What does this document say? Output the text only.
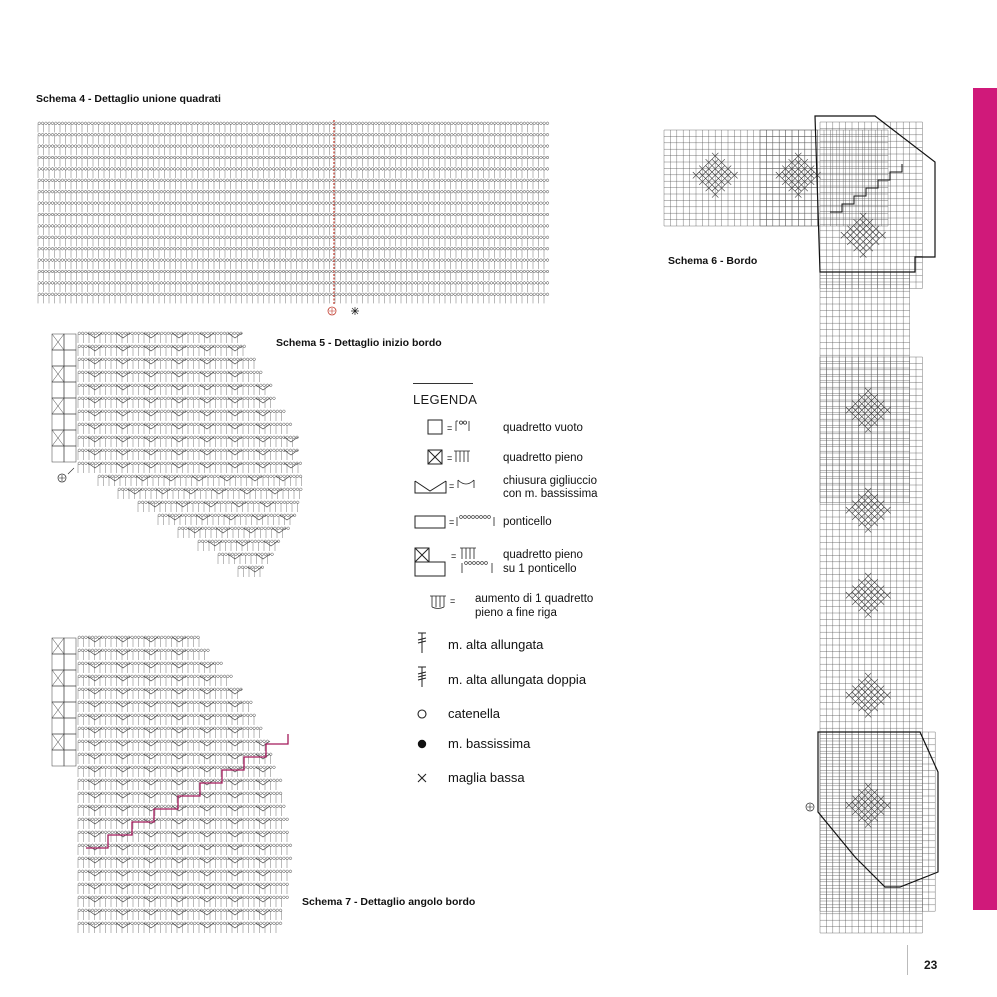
Schema 4 - Dettaglio unione quadrati
Schema 5 - Dettaglio inizio bordo
Schema 6 - Bordo
Schema 7 - Dettaglio angolo bordo
LEGENDA
=
=
=
=
=
=
quadretto vuoto
quadretto pieno
chiusura gigliuccio
con m. bassissima
ponticello
quadretto pieno
su 1 ponticello
aumento di 1 quadretto
pieno a fine riga
m. alta allungata
m. alta allungata doppia
catenella
m. bassissima
maglia bassa
23
